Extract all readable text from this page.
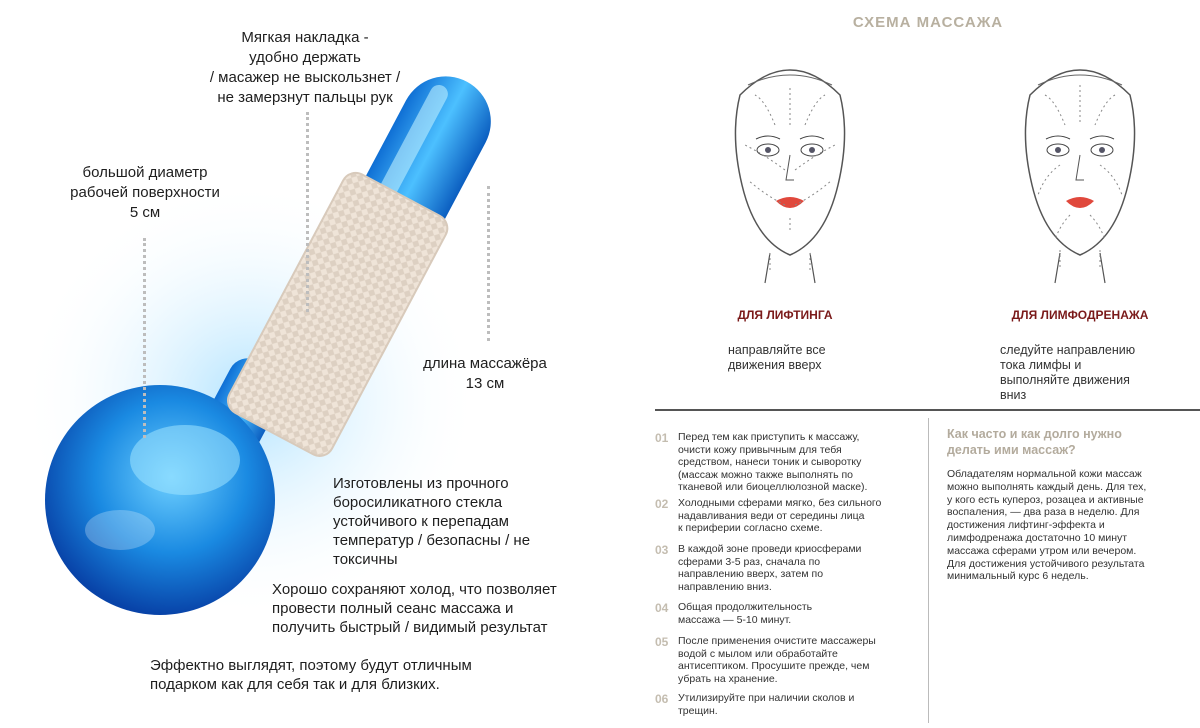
Мягкая накладка -
удобно держать
/ масажер не выскользнет /
не замерзнут пальцы рук
большой диаметр
рабочей поверхности
5 см
длина массажёра
13 см
Изготовлены из прочного
боросиликатного стекла
устойчивого к перепадам
температур / безопасны / не
токсичны
Хорошо сохраняют холод, что позволяет
провести полный сеанс массажа и
получить быстрый / видимый результат
Эффектно выглядят, поэтому будут отличным
подарком как для себя так и для близких.
СХЕМА МАССАЖА
ДЛЯ ЛИФТИНГА	ДЛЯ ЛИМФОДРЕНАЖА
направляйте все
движения вверх
следуйте направлению
тока лимфы и
выполняйте движения
вниз
01 Перед тем как приступить к массажу,
очисти кожу привычным для тебя
средством, нанеси тоник и сыворотку
(массаж можно также выполнять по
тканевой или биоцеллюлозной маске).
02 Холодными сферами мягко, без сильного
надавливания веди от середины лица
к периферии согласно схеме.
03 В каждой зоне проведи криосферами
сферами 3-5 раз, сначала по
направлению вверх, затем по
направлению вниз.
04 Общая продолжительность
массажа — 5-10 минут.
05 После применения очистите массажеры
водой с мылом или обработайте
антисептиком. Просушите прежде, чем
убрать на хранение.
06 Утилизируйте при наличии сколов и
трещин.
Как часто и как долго нужно
делать ими массаж?
Обладателям нормальной кожи массаж
можно выполнять каждый день. Для тех,
у кого есть купероз, розацеа и активные
воспаления, — два раза в неделю. Для
достижения лифтинг-эффекта и
лимфодренажа достаточно 10 минут
массажа сферами утром или вечером.
Для достижения устойчивого результата
минимальный курс 6 недель.
